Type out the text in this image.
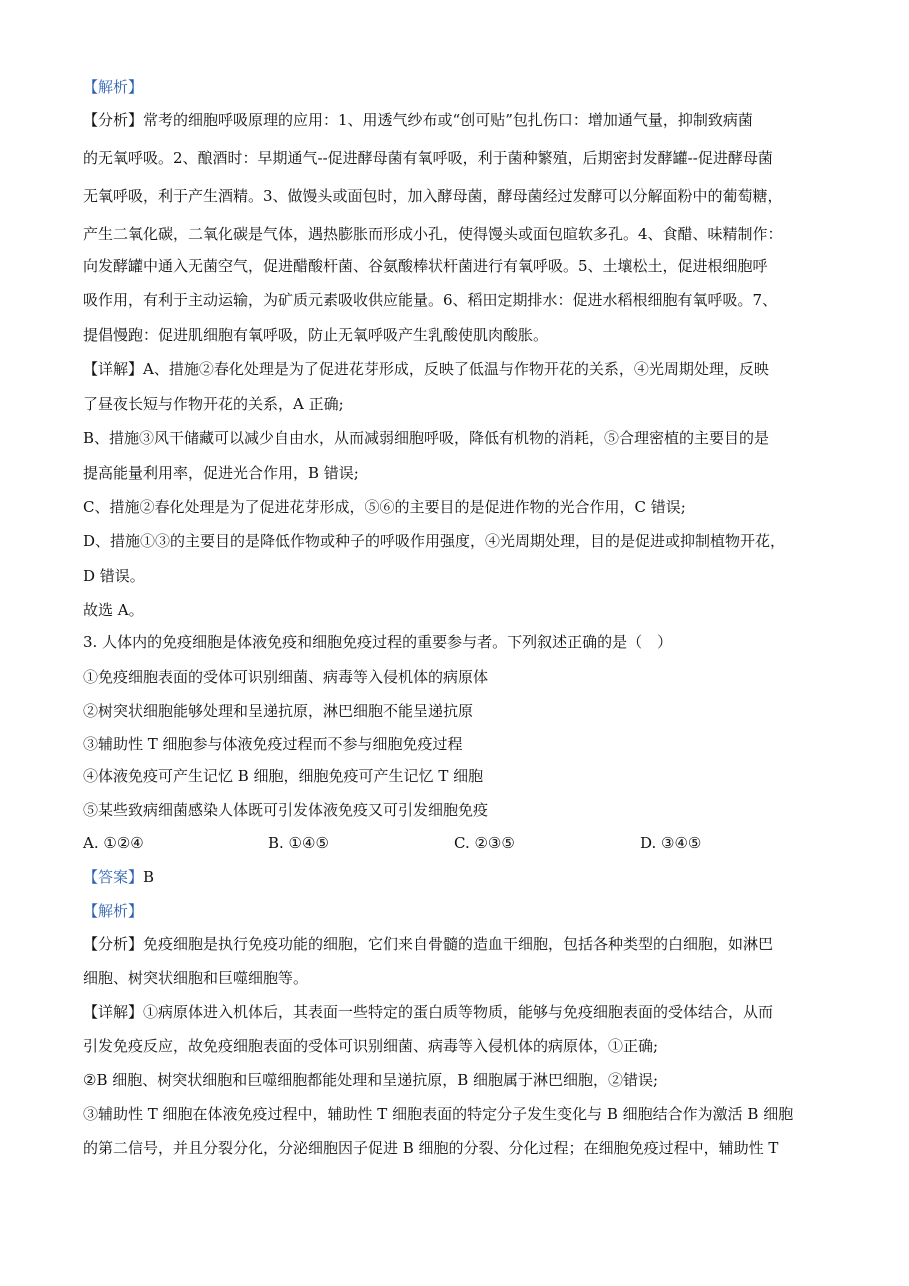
【解析】
【分析】常考的细胞呼吸原理的应用：1、用透气纱布或“创可贴”包扎伤口：增加通气量，抑制致病菌
的无氧呼吸。2、酿酒时：早期通气--促进酵母菌有氧呼吸，利于菌种繁殖，后期密封发酵罐--促进酵母菌
无氧呼吸，利于产生酒精。3、做馒头或面包时，加入酵母菌，酵母菌经过发酵可以分解面粉中的葡萄糖，
产生二氧化碳，二氧化碳是气体，遇热膨胀而形成小孔，使得馒头或面包暄软多孔。4、食醋、味精制作：
向发酵罐中通入无菌空气，促进醋酸杆菌、谷氨酸棒状杆菌进行有氧呼吸。5、土壤松土，促进根细胞呼
吸作用，有利于主动运输，为矿质元素吸收供应能量。6、稻田定期排水：促进水稻根细胞有氧呼吸。7、
提倡慢跑：促进肌细胞有氧呼吸，防止无氧呼吸产生乳酸使肌肉酸胀。
【详解】A、措施②春化处理是为了促进花芽形成，反映了低温与作物开花的关系，④光周期处理，反映
了昼夜长短与作物开花的关系，A 正确;
B、措施③风干储藏可以减少自由水，从而减弱细胞呼吸，降低有机物的消耗，⑤合理密植的主要目的是
提高能量利用率，促进光合作用，B 错误;
C、措施②春化处理是为了促进花芽形成，⑤⑥的主要目的是促进作物的光合作用，C 错误;
D、措施①③的主要目的是降低作物或种子的呼吸作用强度，④光周期处理，目的是促进或抑制植物开花，
D 错误。
故选 A。
3. 人体内的免疫细胞是体液免疫和细胞免疫过程的重要参与者。下列叙述正确的是（　）
①免疫细胞表面的受体可识别细菌、病毒等入侵机体的病原体
②树突状细胞能够处理和呈递抗原，淋巴细胞不能呈递抗原
③辅助性 T 细胞参与体液免疫过程而不参与细胞免疫过程
④体液免疫可产生记忆 B 细胞，细胞免疫可产生记忆 T 细胞
⑤某些致病细菌感染人体既可引发体液免疫又可引发细胞免疫
A. ①②④	B. ①④⑤	C. ②③⑤	D. ③④⑤
【答案】B
【解析】
【分析】免疫细胞是执行免疫功能的细胞，它们来自骨髓的造血干细胞，包括各种类型的白细胞，如淋巴
细胞、树突状细胞和巨噬细胞等。
【详解】①病原体进入机体后，其表面一些特定的蛋白质等物质，能够与免疫细胞表面的受体结合，从而
引发免疫反应，故免疫细胞表面的受体可识别细菌、病毒等入侵机体的病原体，①正确;
②B 细胞、树突状细胞和巨噬细胞都能处理和呈递抗原，B 细胞属于淋巴细胞，②错误;
③辅助性 T 细胞在体液免疫过程中，辅助性 T 细胞表面的特定分子发生变化与 B 细胞结合作为激活 B 细胞
的第二信号，并且分裂分化，分泌细胞因子促进 B 细胞的分裂、分化过程；在细胞免疫过程中，辅助性 T
